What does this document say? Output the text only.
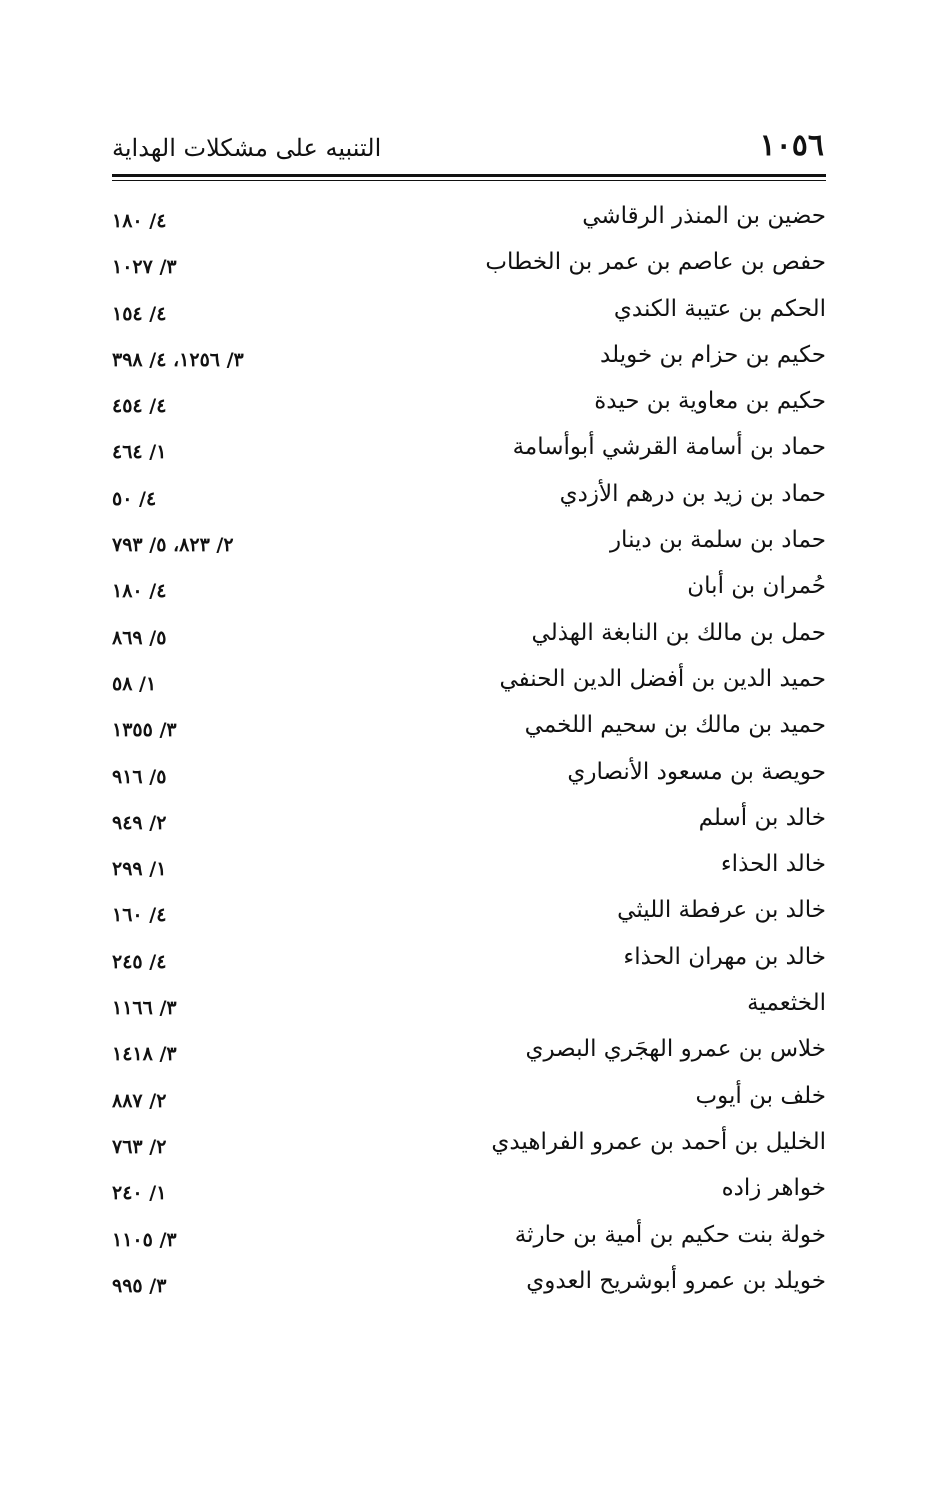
١٠٥٦
التنبيه على مشكلات الهداية
حضين بن المنذر الرقاشي
٤/ ١٨٠
حفص بن عاصم بن عمر بن الخطاب
٣/ ١٠٢٧
الحكم بن عتيبة الكندي
٤/ ١٥٤
حكيم بن حزام بن خويلد
٣/ ١٢٥٦، ٤/ ٣٩٨
حكيم بن معاوية بن حيدة
٤/ ٤٥٤
حماد بن أسامة القرشي أبوأسامة
١/ ٤٦٤
حماد بن زيد بن درهم الأزدي
٤/ ٥٠
حماد بن سلمة بن دينار
٢/ ٨٢٣، ٥/ ٧٩٣
حُمران بن أبان
٤/ ١٨٠
حمل بن مالك بن النابغة الهذلي
٥/ ٨٦٩
حميد الدين بن أفضل الدين الحنفي
١/ ٥٨
حميد بن مالك بن سحيم اللخمي
٣/ ١٣٥٥
حويصة بن مسعود الأنصاري
٥/ ٩١٦
خالد بن أسلم
٢/ ٩٤٩
خالد الحذاء
١/ ٢٩٩
خالد بن عرفطة الليثي
٤/ ١٦٠
خالد بن مهران الحذاء
٤/ ٢٤٥
الخثعمية
٣/ ١١٦٦
خلاس بن عمرو الهجَري البصري
٣/ ١٤١٨
خلف بن أيوب
٢/ ٨٨٧
الخليل بن أحمد بن عمرو الفراهيدي
٢/ ٧٦٣
خواهر زاده
١/ ٢٤٠
خولة بنت حكيم بن أمية بن حارثة
٣/ ١١٠٥
خويلد بن عمرو أبوشريح العدوي
٣/ ٩٩٥
